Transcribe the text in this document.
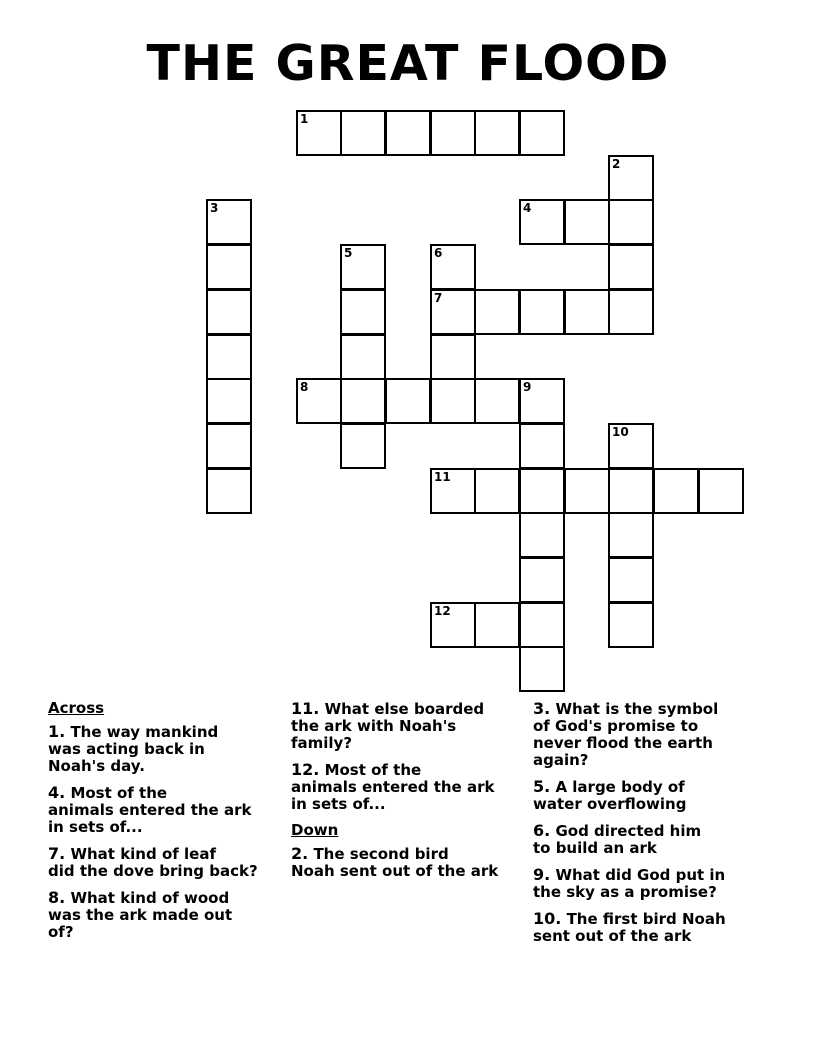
THE GREAT FLOOD
1
2
3	4
5	6
7
8	9
10
11
12
Across
1. The way mankind
was acting back in
Noah's day.
4. Most of the
animals entered the ark
in sets of...
7. What kind of leaf
did the dove bring back?
8. What kind of wood
was the ark made out
of?
11. What else boarded
the ark with Noah's
family?
12. Most of the
animals entered the ark
in sets of...
Down
2. The second bird
Noah sent out of the ark
3. What is the symbol
of God's promise to
never flood the earth
again?
5. A large body of
water overflowing
6. God directed him
to build an ark
9. What did God put in
the sky as a promise?
10. The first bird Noah
sent out of the ark
